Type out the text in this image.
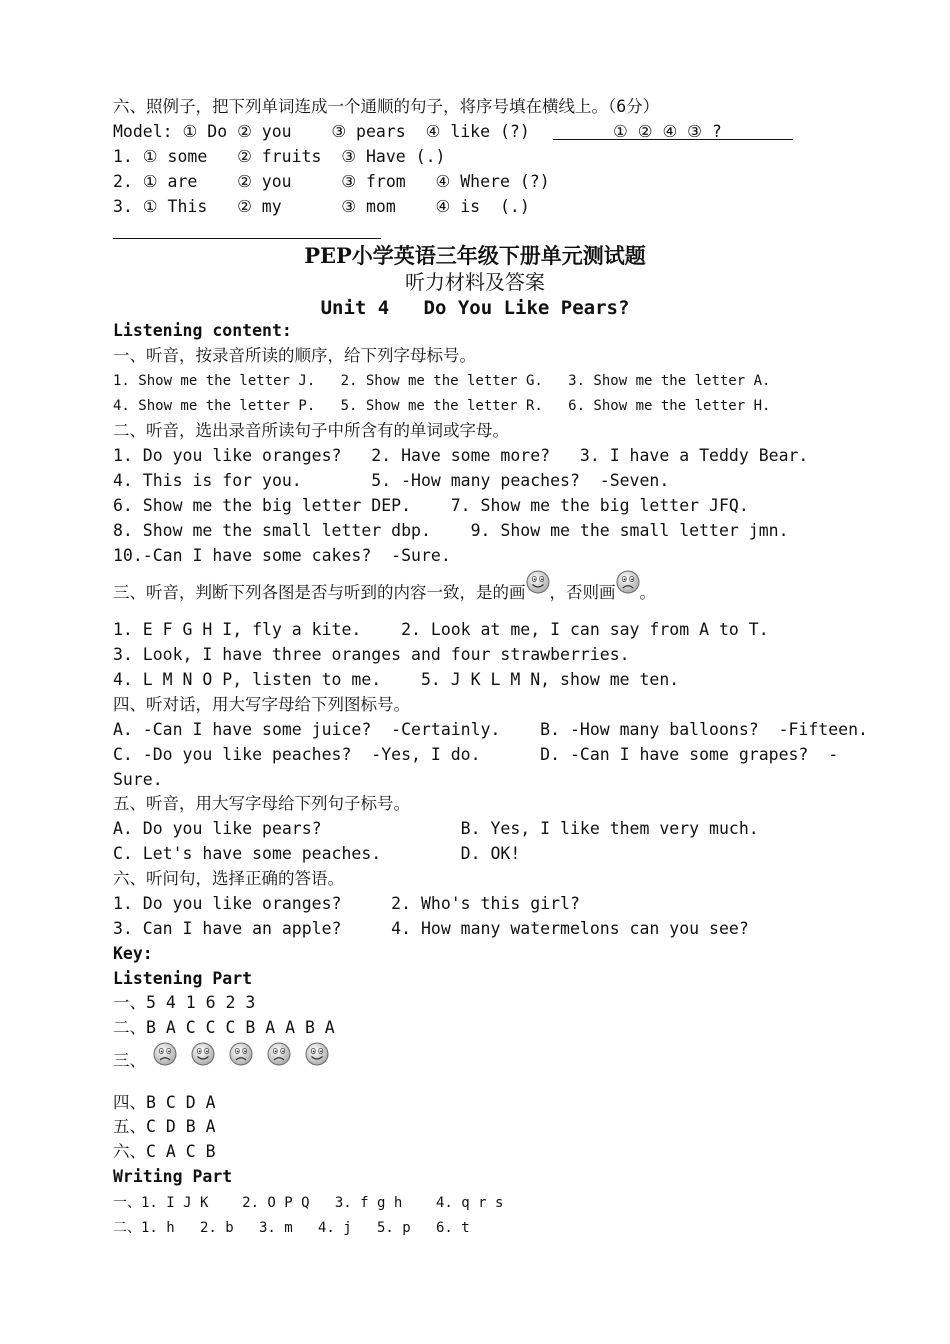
六、照例子，把下列单词连成一个通顺的句子，将序号填在横线上。（6分）
Model: ① Do ② you    ③ pears  ④ like (?)	① ② ④ ③ ?
1. ① some   ② fruits  ③ Have (.)
2. ① are    ② you     ③ from   ④ Where (?)
3. ① This   ② my      ③ mom    ④ is  (.)
PEP小学英语三年级下册单元测试题
听力材料及答案
Unit 4   Do You Like Pears?
Listening content:
一、听音，按录音所读的顺序，给下列字母标号。
1. Show me the letter J.   2. Show me the letter G.   3. Show me the letter A.
4. Show me the letter P.   5. Show me the letter R.   6. Show me the letter H.
二、听音，选出录音所读句子中所含有的单词或字母。
1. Do you like oranges?   2. Have some more?   3. I have a Teddy Bear.
4. This is for you.       5. -How many peaches?  -Seven.
6. Show me the big letter DEP.    7. Show me the big letter JFQ.
8. Show me the small letter dbp.    9. Show me the small letter jmn.
10.-Can I have some cakes?  -Sure.
三、听音，判断下列各图是否与听到的内容一致，是的画 ，否则画 。
1. E F G H I, fly a kite.    2. Look at me, I can say from A to T.
3. Look, I have three oranges and four strawberries.
4. L M N O P, listen to me.    5. J K L M N, show me ten.
四、听对话，用大写字母给下列图标号。
A. -Can I have some juice?  -Certainly.    B. -How many balloons?  -Fifteen.
C. -Do you like peaches?  -Yes, I do.      D. -Can I have some grapes?  -
Sure.
五、听音，用大写字母给下列句子标号。
A. Do you like pears?              B. Yes, I like them very much.
C. Let's have some peaches.        D. OK!
六、听问句，选择正确的答语。
1. Do you like oranges?     2. Who's this girl?
3. Can I have an apple?     4. How many watermelons can you see?
Key:
Listening Part
一、5 4 1 6 2 3
二、B A C C C B A A B A
三、
四、B C D A
五、C D B A
六、C A C B
Writing Part
一、1. I J K    2. O P Q   3. f g h    4. q r s
二、1. h   2. b   3. m   4. j   5. p   6. t
